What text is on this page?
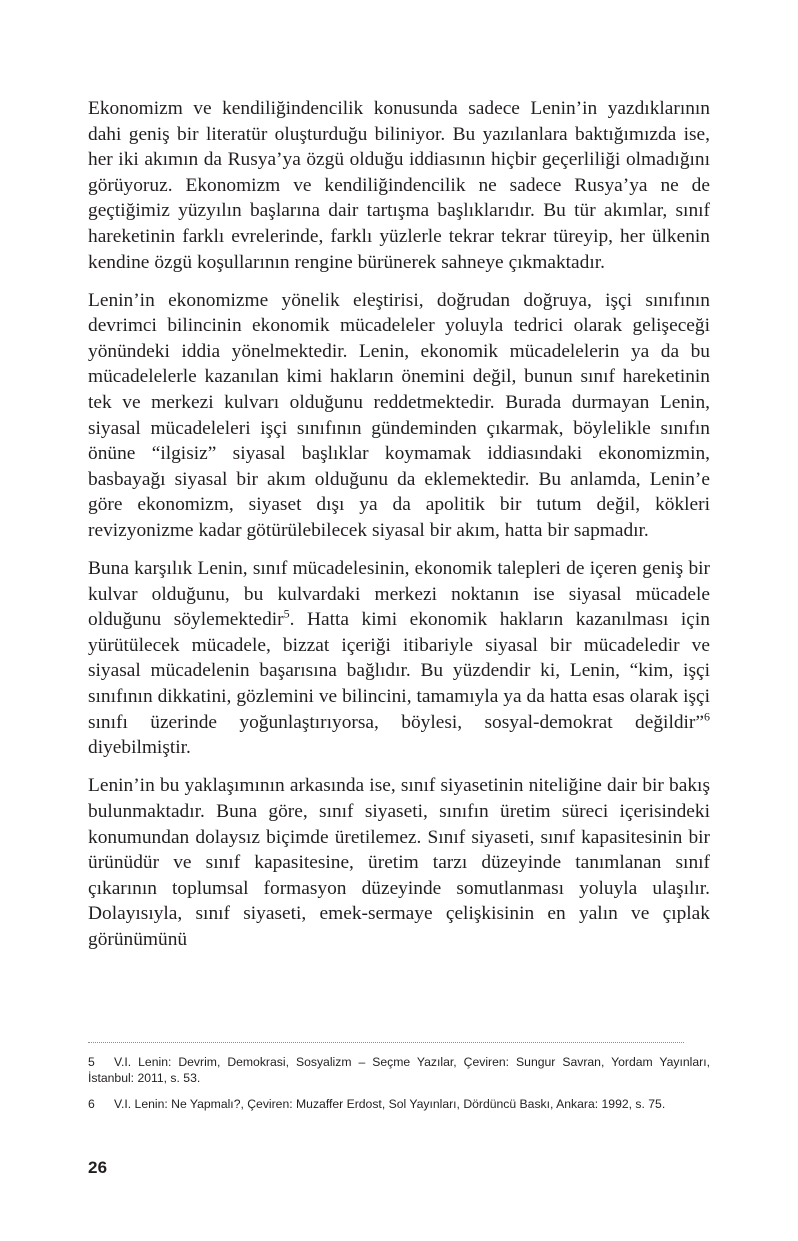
Ekonomizm ve kendiliğindencilik konusunda sadece Lenin’in yazdıklarının dahi geniş bir literatür oluşturduğu biliniyor. Bu yazılanlara baktığımızda ise, her iki akımın da Rusya’ya özgü olduğu iddiasının hiçbir geçerliliği olmadığını görüyoruz. Ekonomizm ve kendiliğindencilik ne sadece Rusya’ya ne de geçtiğimiz yüzyılın başlarına dair tartışma başlıklarıdır. Bu tür akımlar, sınıf hareketinin farklı evrelerinde, farklı yüzlerle tekrar tekrar türeyip, her ülkenin kendine özgü koşullarının rengine bürünerek sahneye çıkmaktadır.

Lenin’in ekonomizme yönelik eleştirisi, doğrudan doğruya, işçi sınıfının devrimci bilincinin ekonomik mücadeleler yoluyla tedrici olarak gelişeceği yönündeki iddia yönelmektedir. Lenin, ekonomik mücadelelerin ya da bu mücadelelerle kazanılan kimi hakların önemini değil, bunun sınıf hareketinin tek ve merkezi kulvarı olduğunu reddetmektedir. Burada durmayan Lenin, siyasal mücadeleleri işçi sınıfının gündeminden çıkarmak, böylelikle sınıfın önüne “ilgisiz” siyasal başlıklar koymamak iddiasındaki ekonomizmin, basbayağı siyasal bir akım olduğunu da eklemektedir. Bu anlamda, Lenin’e göre ekonomizm, siyaset dışı ya da apolitik bir tutum değil, kökleri revizyonizme kadar götürülebilecek siyasal bir akım, hatta bir sapmadır.

Buna karşılık Lenin, sınıf mücadelesinin, ekonomik talepleri de içeren geniş bir kulvar olduğunu, bu kulvardaki merkezi noktanın ise siyasal mücadele olduğunu söylemektedir$^5$. Hatta kimi ekonomik hakların kazanılması için yürütülecek mücadele, bizzat içeriği itibariyle siyasal bir mücadeledir ve siyasal mücadelenin başarısına bağlıdır. Bu yüzdendir ki, Lenin, “kim, işçi sınıfının dikkatini, gözlemini ve bilincini, tamamıyla ya da hatta esas olarak işçi sınıfı üzerinde yoğunlaştırıyorsa, böylesi, sosyal-demokrat değildir”$^6$ diyebilmiştir.

Lenin’in bu yaklaşımının arkasında ise, sınıf siyasetinin niteliğine dair bir bakış bulunmaktadır. Buna göre, sınıf siyaseti, sınıfın üretim süreci içerisindeki konumundan dolaysız biçimde üretilemez. Sınıf siyaseti, sınıf kapasitesinin bir ürünüdür ve sınıf kapasitesine, üretim tarzı düzeyinde tanımlanan sınıf çıkarının toplumsal formasyon düzeyinde somutlanması yoluyla ulaşılır. Dolayısıyla, sınıf siyaseti, emek-sermaye çelişkisinin en yalın ve çıplak görünümünü

5 V.I. Lenin: Devrim, Demokrasi, Sosyalizm – Seçme Yazılar, Çeviren: Sungur Savran, Yordam Yayınları, İstanbul: 2011, s. 53.

6 V.I. Lenin: Ne Yapmalı?, Çeviren: Muzaffer Erdost, Sol Yayınları, Dördüncü Baskı, Ankara: 1992, s. 75.

26
